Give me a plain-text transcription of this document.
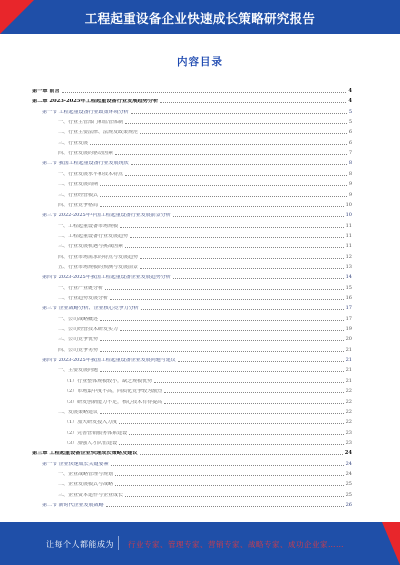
工程起重设备企业快速成长策略研究报告
内容目录
第一章 前言	4
第二章 2023-2025年工程起重设备行业发展趋势分析	4
第一节 工程起重设备行业政策环境分析	5
一、行业主管部门和监管体制	5
二、行业主要法律、法规及政策规范	6
三、行业发展	6
四、行业发展的驱动因素	7
第二节 我国工程起重设备行业发展现状	8
一、行业发展水平和技术特点	8
二、行业发展周期	9
三、行业经营模式	9
四、行业竞争格局	10
第三节 2022-2025年中国工程起重设备行业发展前景分析	10
一、工程起重设备市场规模	11
二、工程起重设备行业发展趋势	11
三、行业发展机遇与挑战因素	11
四、行业市场需求的特点与发展趋势	12
五、行业市场规模的预测与发展前景	13
第四节 2023-2025年我国工程起重设备企业发展趋势分析	14
一、行业产业链分析	15
二、行业趋势发展分析	16
第三节 企业战略分析、企业核心竞争力分析	17
一、公司战略概述	17
二、公司经营技术研发实力	19
三、公司竞争优势	20
四、公司竞争劣势	21
第四节 2023-2025年我国工程起重设备企业发展问题与建议	21
一、主要发展问题	21
（1）行业整体规模较小，缺乏规模优势	21
（2）市场集中度不高，同质化竞争较为激烈	22
（3）研发创新能力不足，核心技术有待提高	22
二、发展策略建议	22
（1）加大研发投入力度	22
（2）完善营销服务体系建设	23
（3）加强人才队伍建设	23
第三章 工程起重设备企业快速成长策略及建议	24
第一节 企业快速成长关键要素	24
一、企业战略管理与规划	24
二、企业发展模式与战略	25
三、企业资本运作与企业成长	25
第二节 新时代企业发展战略	26
让每个人都能成为 行业专家、管理专家、营销专家、战略专家、成功企业家……
